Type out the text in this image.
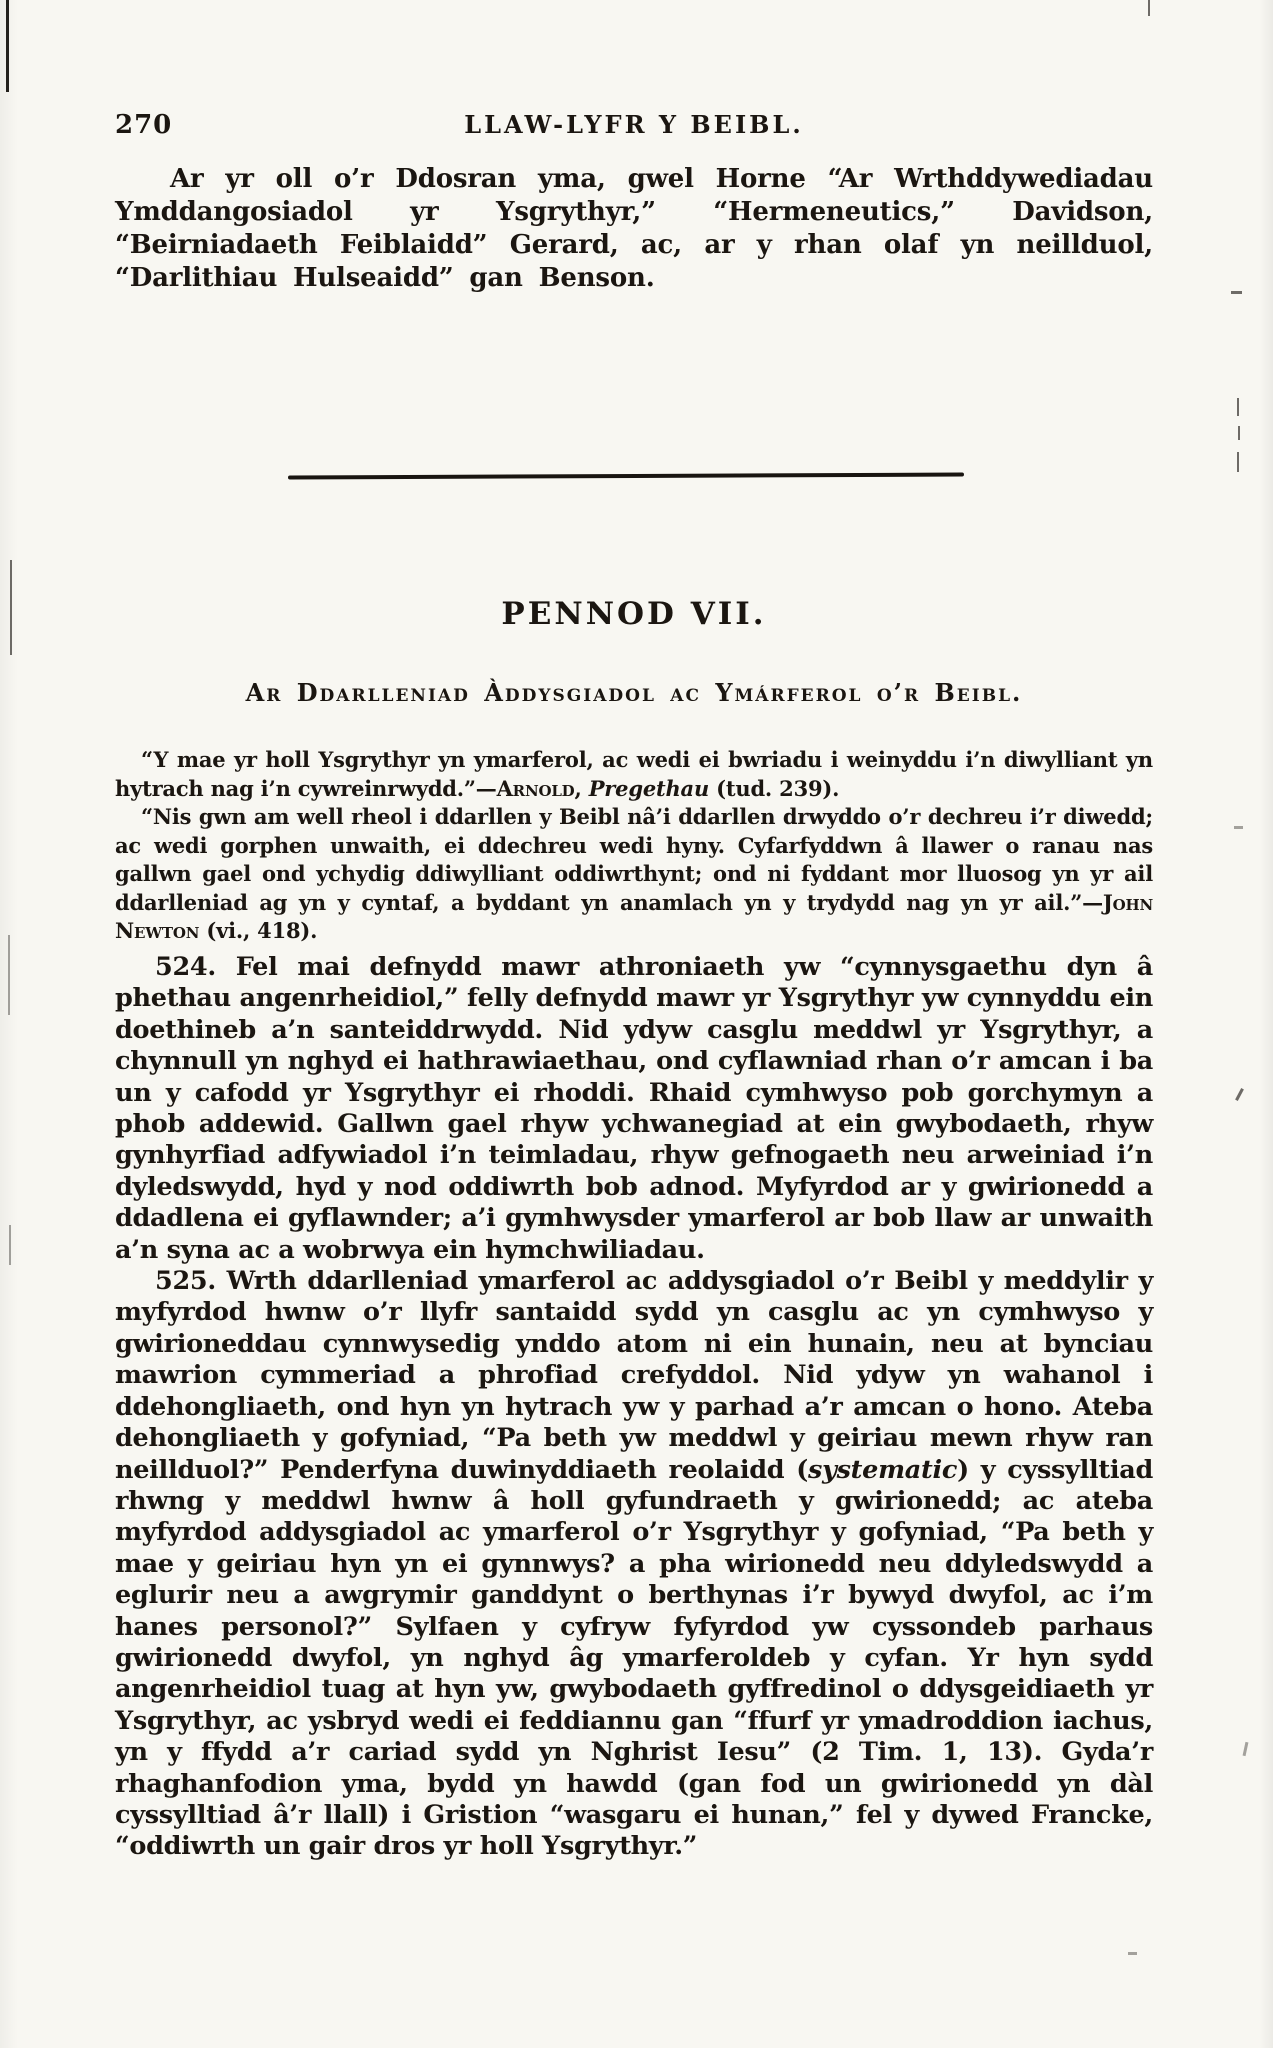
270	LLAW-LYFR Y BEIBL.

Ar yr oll o’r Ddosran yma, gwel Horne “Ar Wrthddywediadau Ymddangosiadol yr Ysgrythyr,” “Hermeneutics,” Davidson, “Beirniadaeth Feiblaidd” Gerard, ac, ar y rhan olaf yn neillduol, “Darlithiau Hulseaidd” gan Benson.

PENNOD VII.
Ar Ddarlleniad Àddysgiadol ac Ymárferol o’r Beibl.

“Y mae yr holl Ysgrythyr yn ymarferol, ac wedi ei bwriadu i weinyddu i’n diwylliant yn hytrach nag i’n cywreinrwydd.”—Arnold, Pregethau (tud. 239).

“Nis gwn am well rheol i ddarllen y Beibl nâ’i ddarllen drwyddo o’r dechreu i’r diwedd; ac wedi gorphen unwaith, ei ddechreu wedi hyny. Cyfarfyddwn â llawer o ranau nas gallwn gael ond ychydig ddiwylliant oddiwrthynt; ond ni fyddant mor lluosog yn yr ail ddarlleniad ag yn y cyntaf, a byddant yn anamlach yn y trydydd nag yn yr ail.”—John Newton (vi., 418).

524. Fel mai defnydd mawr athroniaeth yw “cynnysgaethu dyn â phethau angenrheidiol,” felly defnydd mawr yr Ysgrythyr yw cynnyddu ein doethineb a’n santeiddrwydd. Nid ydyw casglu meddwl yr Ysgrythyr, a chynnull yn nghyd ei hathrawiaethau, ond cyflawniad rhan o’r amcan i ba un y cafodd yr Ysgrythyr ei rhoddi. Rhaid cymhwyso pob gorchymyn a phob addewid. Gallwn gael rhyw ychwanegiad at ein gwybodaeth, rhyw gynhyrfiad adfywiadol i’n teimladau, rhyw gefnogaeth neu arweiniad i’n dyledswydd, hyd y nod oddiwrth bob adnod. Myfyrdod ar y gwirionedd a ddadlena ei gyflawnder; a’i gymhwysder ymarferol ar bob llaw ar unwaith a’n syna ac a wobrwya ein hymchwiliadau.

525. Wrth ddarlleniad ymarferol ac addysgiadol o’r Beibl y meddylir y myfyrdod hwnw o’r llyfr santaidd sydd yn casglu ac yn cymhwyso y gwirioneddau cynnwysedig ynddo atom ni ein hunain, neu at bynciau mawrion cymmeriad a phrofiad crefyddol. Nid ydyw yn wahanol i ddehongliaeth, ond hyn yn hytrach yw y parhad a’r amcan o hono. Ateba dehongliaeth y gofyniad, “Pa beth yw meddwl y geiriau mewn rhyw ran neillduol?” Penderfyna duwinyddiaeth reolaidd (systematic) y cyssylltiad rhwng y meddwl hwnw â holl gyfundraeth y gwirionedd; ac ateba myfyrdod addysgiadol ac ymarferol o’r Ysgrythyr y gofyniad, “Pa beth y mae y geiriau hyn yn ei gynnwys? a pha wirionedd neu ddyledswydd a eglurir neu a awgrymir ganddynt o berthynas i’r bywyd dwyfol, ac i’m hanes personol?” Sylfaen y cyfryw fyfyrdod yw cyssondeb parhaus gwirionedd dwyfol, yn nghyd âg ymarferoldeb y cyfan. Yr hyn sydd angenrheidiol tuag at hyn yw, gwybodaeth gyffredinol o ddysgeidiaeth yr Ysgrythyr, ac ysbryd wedi ei feddiannu gan “ffurf yr ymadroddion iachus, yn y ffydd a’r cariad sydd yn Nghrist Iesu” (2 Tim. 1, 13). Gyda’r rhaghanfodion yma, bydd yn hawdd (gan fod un gwirionedd yn dàl cyssylltiad â’r llall) i Gristion “wasgaru ei hunan,” fel y dywed Francke, “oddiwrth un gair dros yr holl Ysgrythyr.”
